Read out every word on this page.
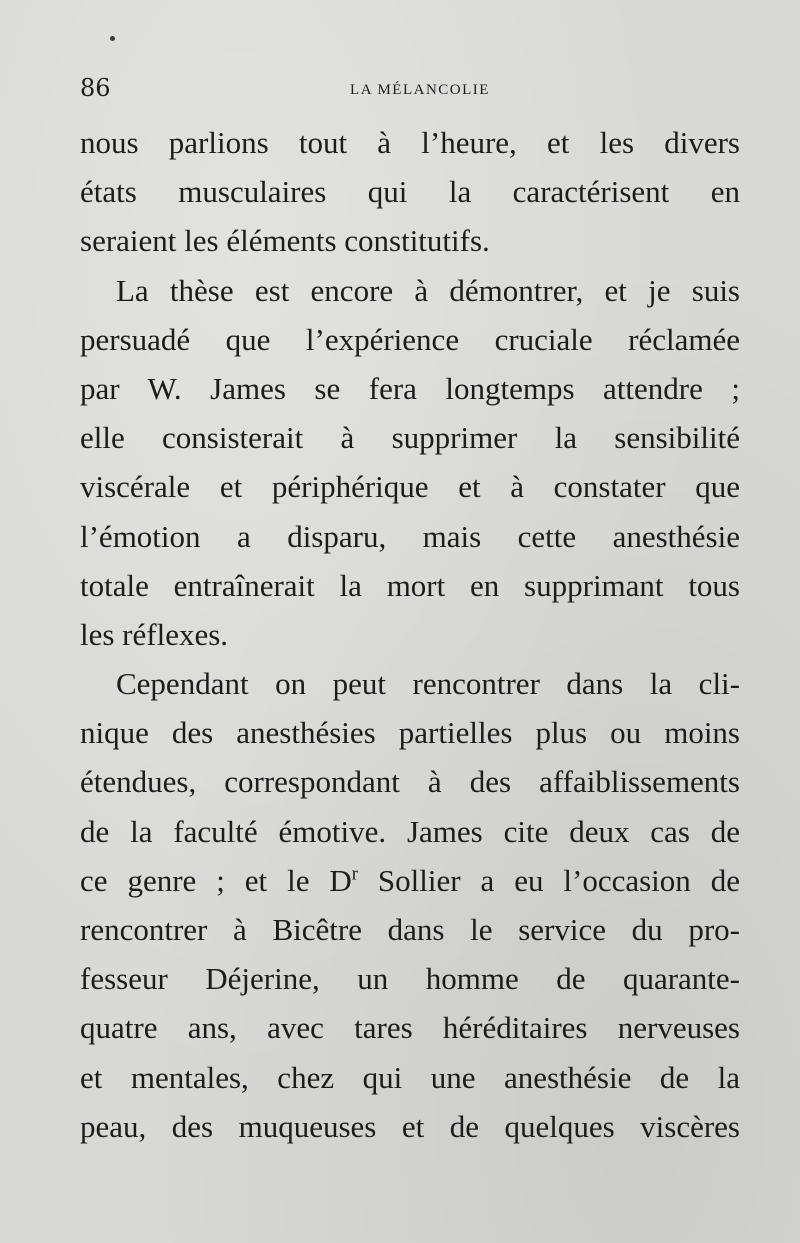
86	LA MÉLANCOLIE
nous parlions tout à l’heure, et les divers
états musculaires qui la caractérisent en
seraient les éléments constitutifs.
La thèse est encore à démontrer, et je suis
persuadé que l’expérience cruciale réclamée
par W. James se fera longtemps attendre ;
elle consisterait à supprimer la sensibilité
viscérale et périphérique et à constater que
l’émotion a disparu, mais cette anesthésie
totale entraînerait la mort en supprimant tous
les réflexes.
Cependant on peut rencontrer dans la cli-
nique des anesthésies partielles plus ou moins
étendues, correspondant à des affaiblissements
de la faculté émotive. James cite deux cas de
ce genre ; et le $D^r$ Sollier a eu l’occasion de
rencontrer à Bicêtre dans le service du pro-
fesseur Déjerine, un homme de quarante-
quatre ans, avec tares héréditaires nerveuses
et mentales, chez qui une anesthésie de la
peau, des muqueuses et de quelques viscères
